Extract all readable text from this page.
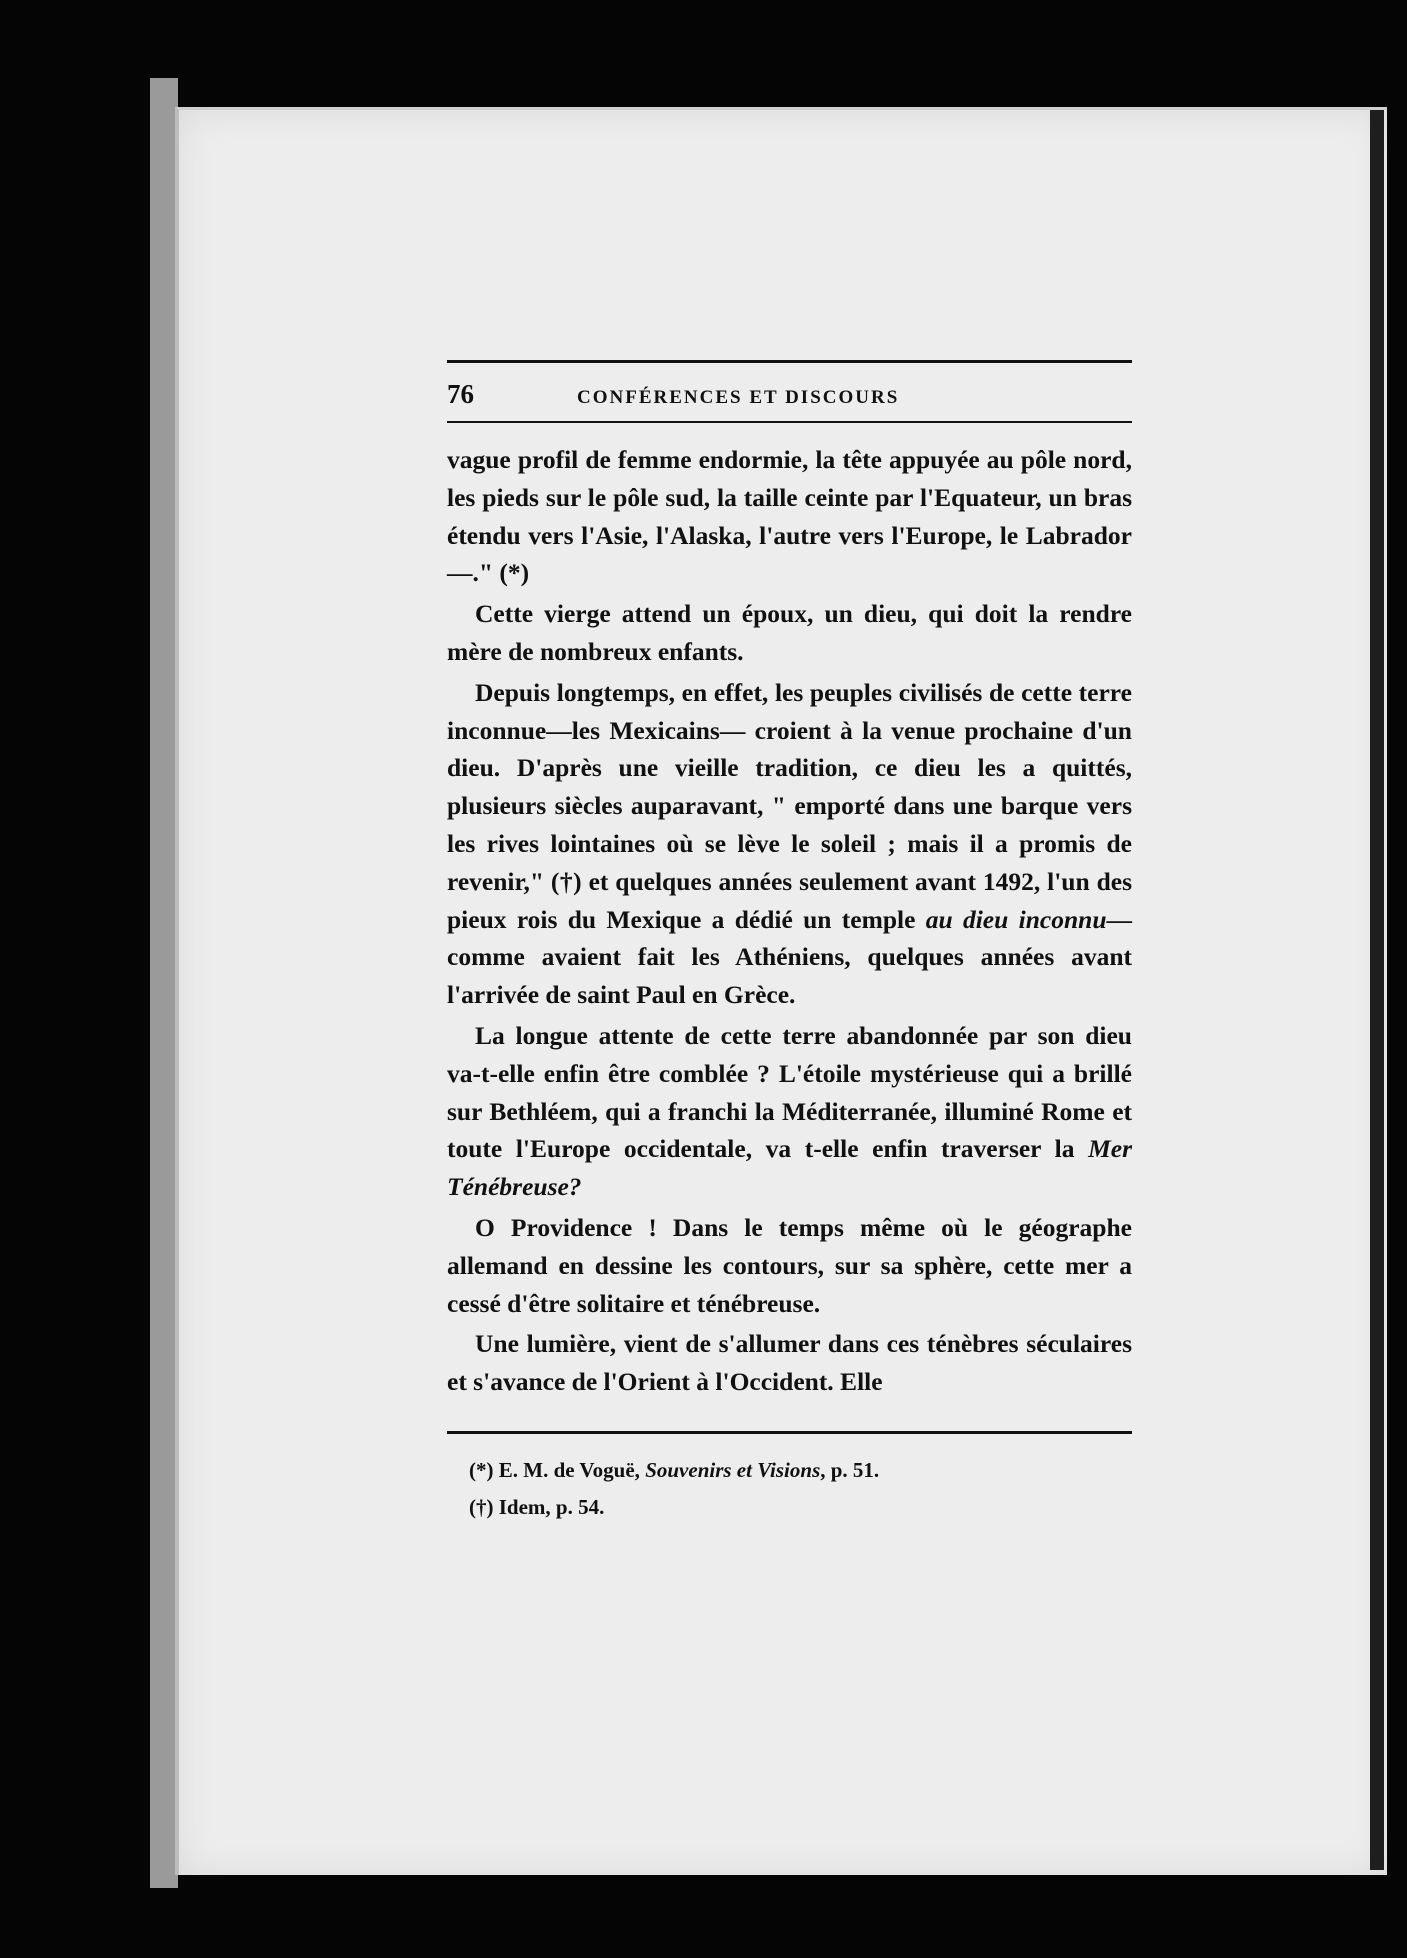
76	CONFÉRENCES ET DISCOURS

vague profil de femme endormie, la tête appuyée au pôle nord, les pieds sur le pôle sud, la taille ceinte par l'Equateur, un bras étendu vers l'Asie, l'Alaska, l'autre vers l'Europe, le Labrador—." (*)

Cette vierge attend un époux, un dieu, qui doit la rendre mère de nombreux enfants.

Depuis longtemps, en effet, les peuples civilisés de cette terre inconnue—les Mexicains— croient à la venue prochaine d'un dieu. D'après une vieille tradition, ce dieu les a quittés, plusieurs siècles auparavant, " emporté dans une barque vers les rives lointaines où se lève le soleil ; mais il a promis de revenir," (†) et quelques années seulement avant 1492, l'un des pieux rois du Mexique a dédié un temple au dieu inconnu—comme avaient fait les Athéniens, quelques années avant l'arrivée de saint Paul en Grèce.

La longue attente de cette terre abandonnée par son dieu va-t-elle enfin être comblée ? L'étoile mystérieuse qui a brillé sur Bethléem, qui a franchi la Méditerranée, illuminé Rome et toute l'Europe occidentale, va t-elle enfin traverser la Mer Ténébreuse?

O Providence ! Dans le temps même où le géographe allemand en dessine les contours, sur sa sphère, cette mer a cessé d'être solitaire et ténébreuse.

Une lumière, vient de s'allumer dans ces ténèbres séculaires et s'avance de l'Orient à l'Occident. Elle

(*) E. M. de Voguë, Souvenirs et Visions, p. 51.

(†) Idem, p. 54.
